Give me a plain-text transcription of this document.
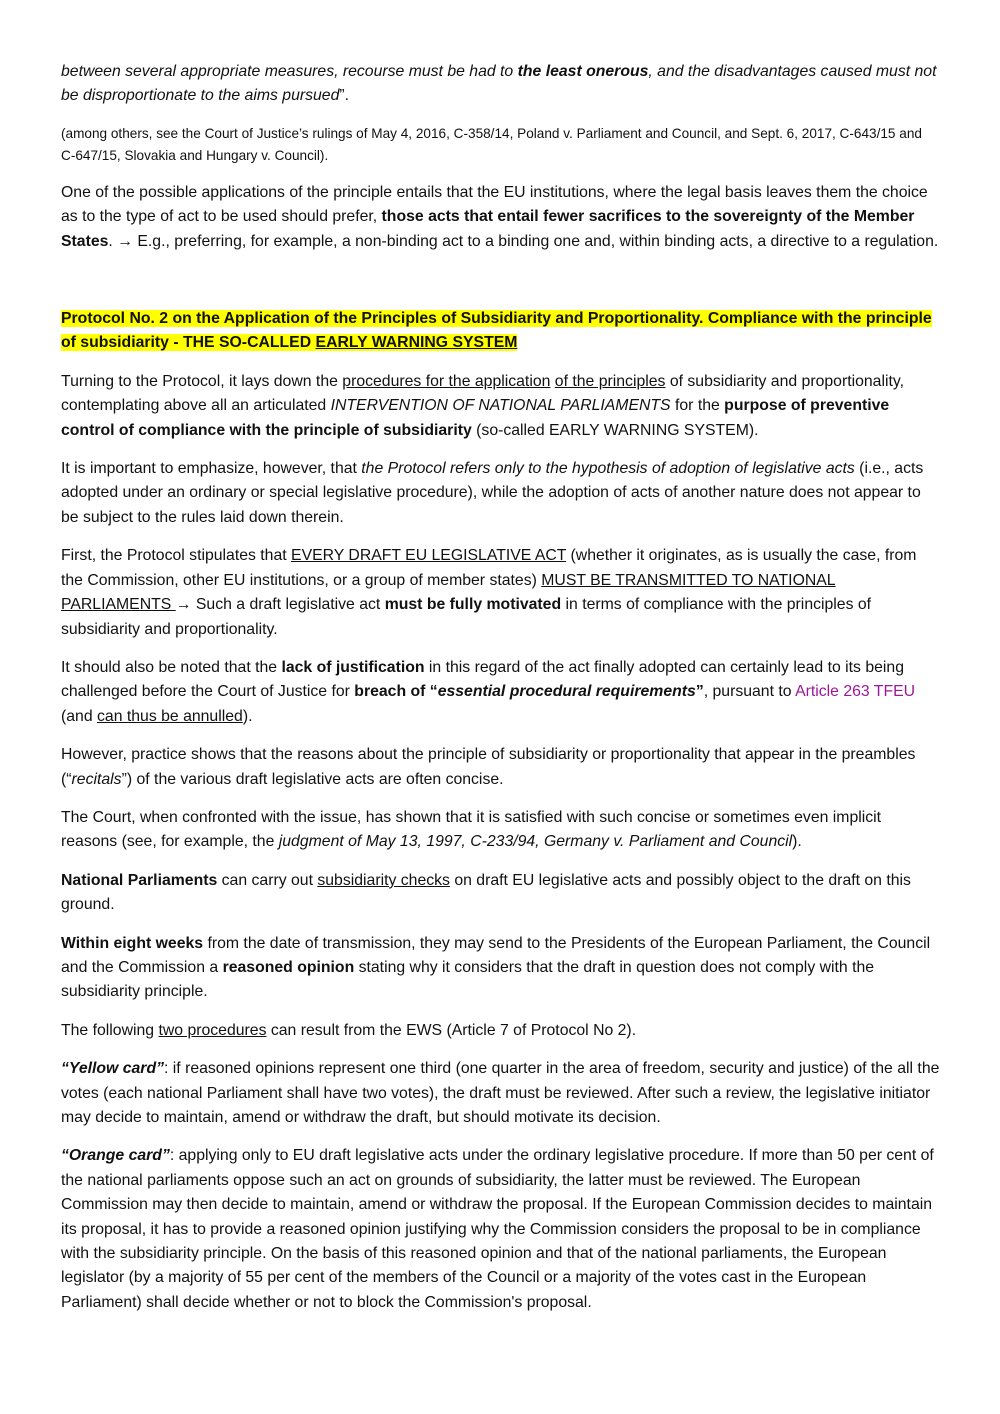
between several appropriate measures, recourse must be had to the least onerous, and the disadvantages caused must not be disproportionate to the aims pursued”.

(among others, see the Court of Justice’s rulings of May 4, 2016, C-358/14, Poland v. Parliament and Council, and Sept. 6, 2017, C-643/15 and C-647/15, Slovakia and Hungary v. Council).

One of the possible applications of the principle entails that the EU institutions, where the legal basis leaves them the choice as to the type of act to be used should prefer, those acts that entail fewer sacrifices to the sovereignty of the Member States. → E.g., preferring, for example, a non-binding act to a binding one and, within binding acts, a directive to a regulation.

Protocol No. 2 on the Application of the Principles of Subsidiarity and Proportionality. Compliance with the principle of subsidiarity - THE SO-CALLED EARLY WARNING SYSTEM

Turning to the Protocol, it lays down the procedures for the application of the principles of subsidiarity and proportionality, contemplating above all an articulated INTERVENTION OF NATIONAL PARLIAMENTS for the purpose of preventive control of compliance with the principle of subsidiarity (so-called EARLY WARNING SYSTEM).

It is important to emphasize, however, that the Protocol refers only to the hypothesis of adoption of legislative acts (i.e., acts adopted under an ordinary or special legislative procedure), while the adoption of acts of another nature does not appear to be subject to the rules laid down therein.

First, the Protocol stipulates that EVERY DRAFT EU LEGISLATIVE ACT (whether it originates, as is usually the case, from the Commission, other EU institutions, or a group of member states) MUST BE TRANSMITTED TO NATIONAL PARLIAMENTS → Such a draft legislative act must be fully motivated in terms of compliance with the principles of subsidiarity and proportionality.

It should also be noted that the lack of justification in this regard of the act finally adopted can certainly lead to its being challenged before the Court of Justice for breach of “essential procedural requirements”, pursuant to Article 263 TFEU (and can thus be annulled).

However, practice shows that the reasons about the principle of subsidiarity or proportionality that appear in the preambles (“recitals”) of the various draft legislative acts are often concise.

The Court, when confronted with the issue, has shown that it is satisfied with such concise or sometimes even implicit reasons (see, for example, the judgment of May 13, 1997, C-233/94, Germany v. Parliament and Council).

National Parliaments can carry out subsidiarity checks on draft EU legislative acts and possibly object to the draft on this ground.

Within eight weeks from the date of transmission, they may send to the Presidents of the European Parliament, the Council and the Commission a reasoned opinion stating why it considers that the draft in question does not comply with the subsidiarity principle.

The following two procedures can result from the EWS (Article 7 of Protocol No 2).

“Yellow card”: if reasoned opinions represent one third (one quarter in the area of freedom, security and justice) of the all the votes (each national Parliament shall have two votes), the draft must be reviewed. After such a review, the legislative initiator may decide to maintain, amend or withdraw the draft, but should motivate its decision.

“Orange card”: applying only to EU draft legislative acts under the ordinary legislative procedure. If more than 50 per cent of the national parliaments oppose such an act on grounds of subsidiarity, the latter must be reviewed. The European Commission may then decide to maintain, amend or withdraw the proposal. If the European Commission decides to maintain its proposal, it has to provide a reasoned opinion justifying why the Commission considers the proposal to be in compliance with the subsidiarity principle. On the basis of this reasoned opinion and that of the national parliaments, the European legislator (by a majority of 55 per cent of the members of the Council or a majority of the votes cast in the European Parliament) shall decide whether or not to block the Commission's proposal.
